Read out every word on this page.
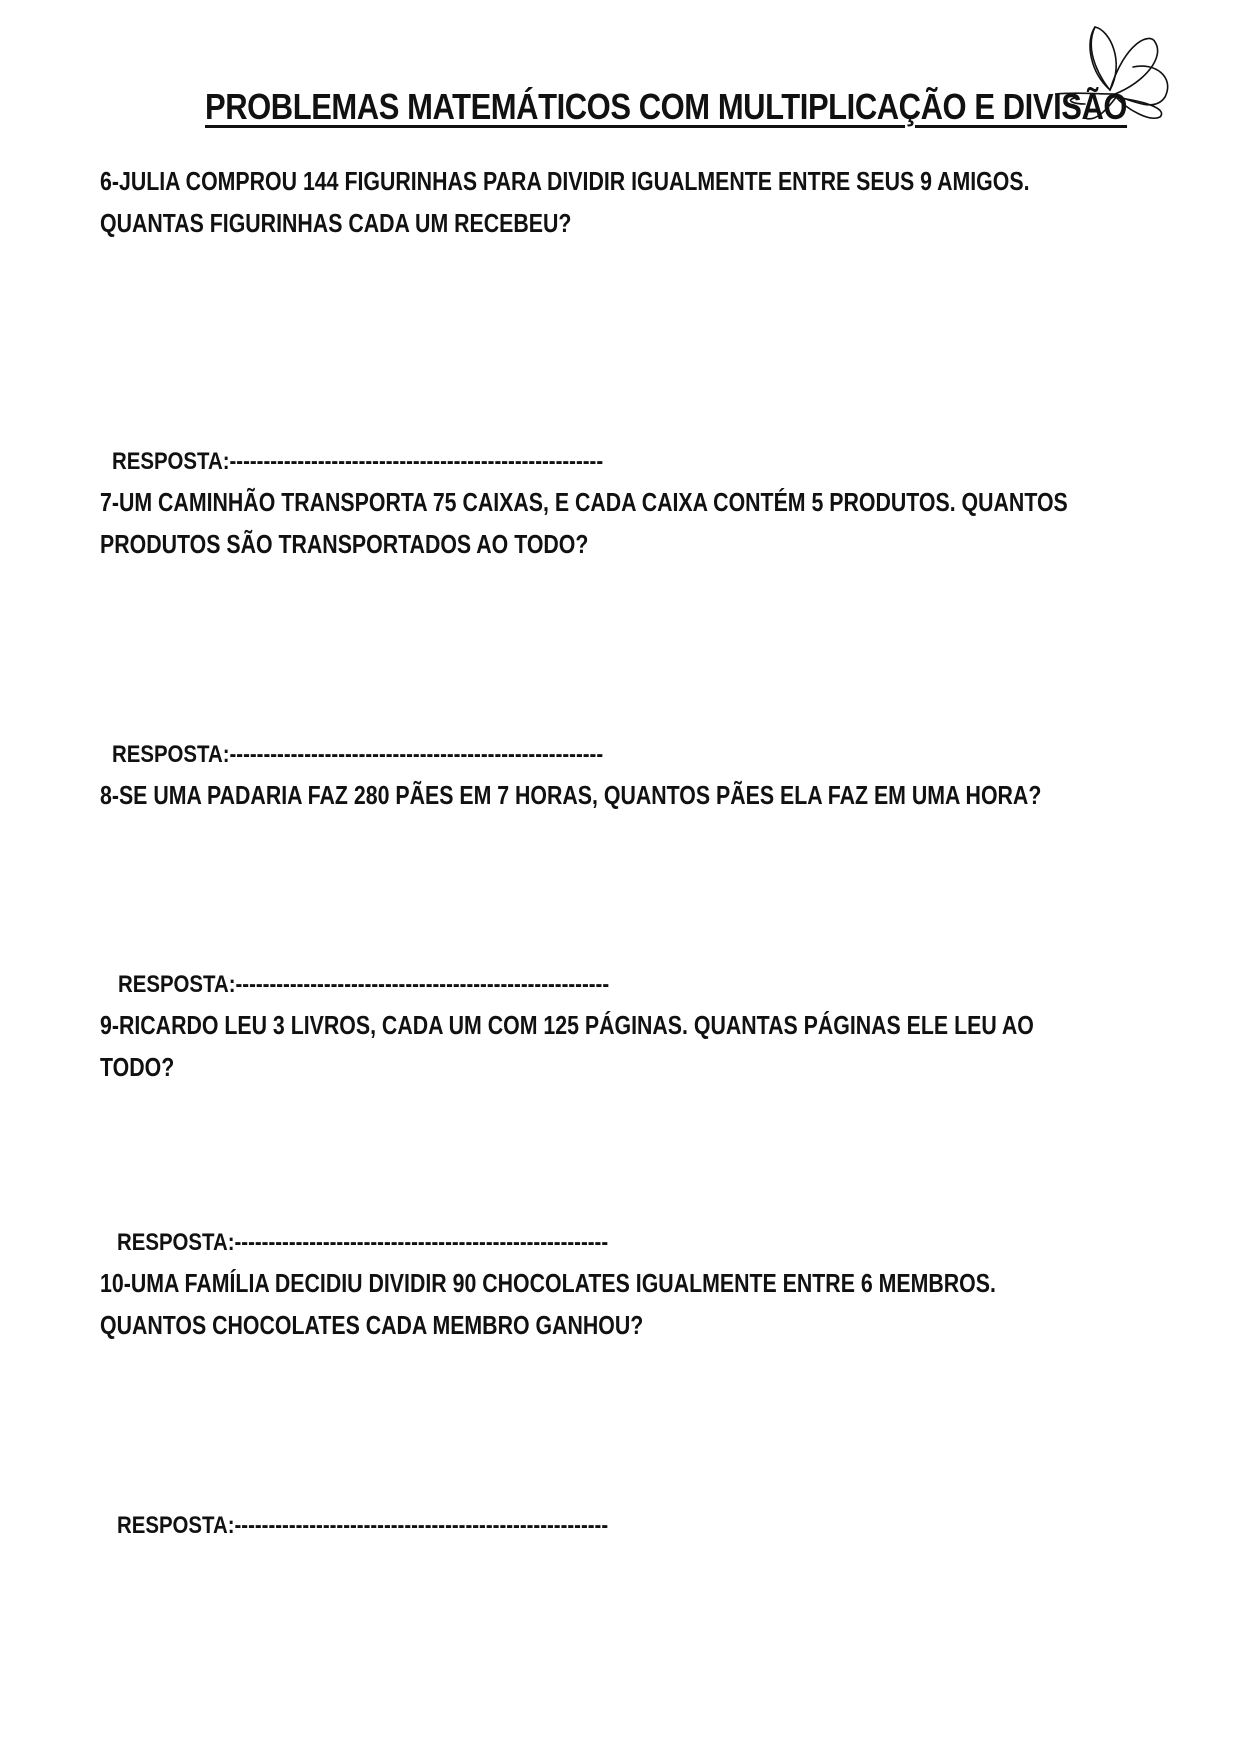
PROBLEMAS MATEMÁTICOS COM MULTIPLICAÇÃO E DIVISÃO
6-JULIA COMPROU 144 FIGURINHAS PARA DIVIDIR IGUALMENTE ENTRE SEUS 9 AMIGOS. QUANTAS FIGURINHAS CADA UM RECEBEU?
RESPOSTA:-------------------------------------------------------
7-UM CAMINHÃO TRANSPORTA 75 CAIXAS, E CADA CAIXA CONTÉM 5 PRODUTOS. QUANTOS PRODUTOS SÃO TRANSPORTADOS AO TODO?
RESPOSTA:-------------------------------------------------------
8-SE UMA PADARIA FAZ 280 PÃES EM 7 HORAS, QUANTOS PÃES ELA FAZ EM UMA HORA?
RESPOSTA:-------------------------------------------------------
9-RICARDO LEU 3 LIVROS, CADA UM COM 125 PÁGINAS. QUANTAS PÁGINAS ELE LEU AO TODO?
RESPOSTA:-------------------------------------------------------
10-UMA FAMÍLIA DECIDIU DIVIDIR 90 CHOCOLATES IGUALMENTE ENTRE 6 MEMBROS. QUANTOS CHOCOLATES CADA MEMBRO GANHOU?
RESPOSTA:-------------------------------------------------------
